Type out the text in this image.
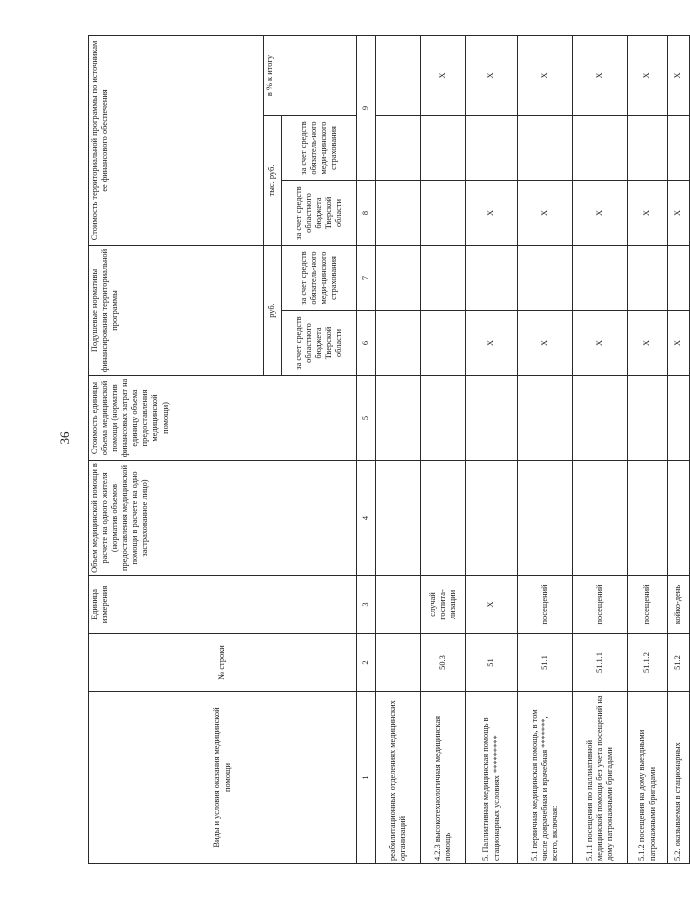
36
Виды и условия оказания медицинской помощи	№ строки	Единица измерения	Объем медицинской помощи в расчете на одного жителя (норматив объемов предоставления медицинской помощи в расчете на одно застрахованное лицо)	Стоимость единицы объема медицинской помощи (норматив финансовых затрат на единицу объема предоставления медицинской помощи)	Подушевые нормативы финансирования территориальной программы		Стоимость территориальной программы по источникам ее финансового обеспечения		
					руб.		тыс. руб.		в % к итогу
					за счет средств областного бюджета Тверской области	за счет средств обязатель-ного меди-цинского страхования	за счет средств областного бюджета Тверской области	за счет средств обязатель-ного меди-цинского страхования	
1	2	3	4	5	6	7	8	9	
реабилитационных отделениях медицинских организаций									
4.2.3 высокотехнологичная медицинская помощь	50.3	случай госпита-лизации							X
5. Паллиативная медицинская помощь в стационарных условиях *********	51	X			X		X		X
5.1 первичная медицинская помощь, в том числе доврачебная и врачебная *******, всего, включая:	51.1	посещений			X		X		X
5.1.1 посещения по паллиативной медицинской помощи без учета посещений на дому патронажными бригадами	51.1.1	посещений			X		X		X
5.1.2 посещения на дому выездными патронажными бригадами	51.1.2	посещений			X		X		X
5.2. оказываемая в стационарных	51.2	койко-день			X		X		X
